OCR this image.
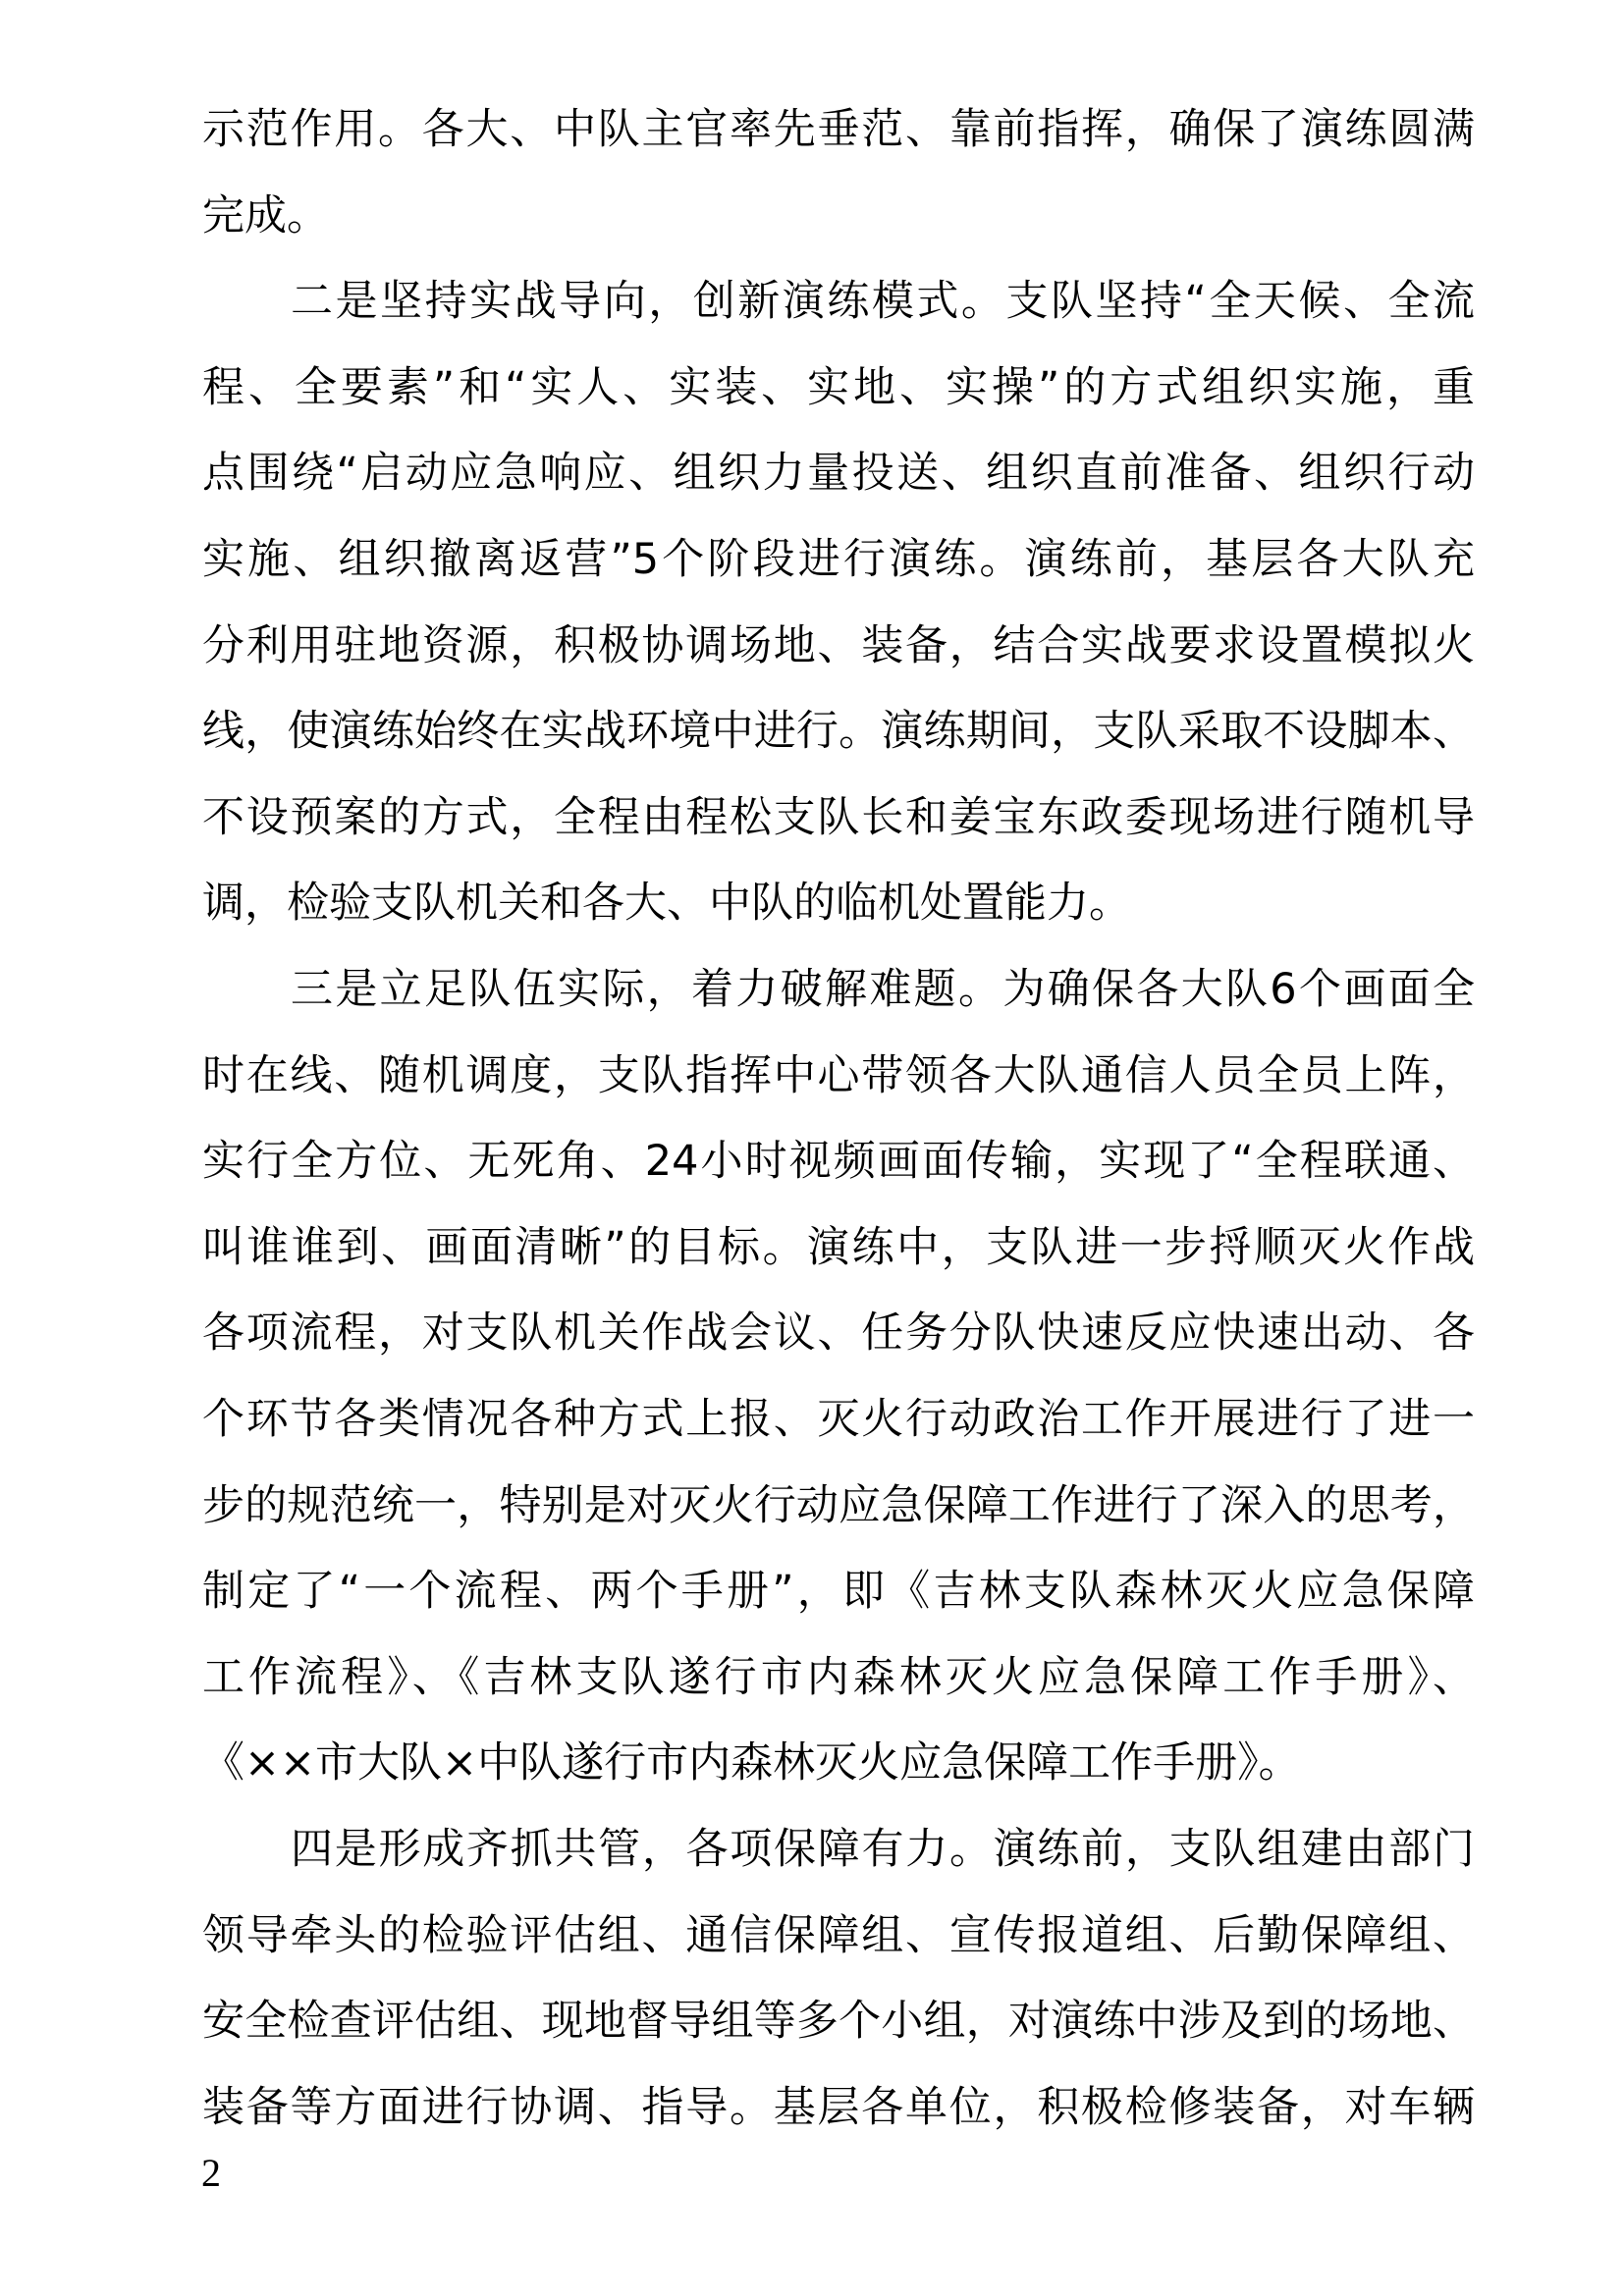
示范作用。各大、中队主官率先垂范、靠前指挥，确保了演练圆满
完成。
二是坚持实战导向，创新演练模式。支队坚持“全天候、全流
程、全要素”和“实人、实装、实地、实操”的方式组织实施，重
点围绕“启动应急响应、组织力量投送、组织直前准备、组织行动
实施、组织撤离返营”5个阶段进行演练。演练前，基层各大队充
分利用驻地资源，积极协调场地、装备，结合实战要求设置模拟火
线，使演练始终在实战环境中进行。演练期间，支队采取不设脚本、
不设预案的方式，全程由程松支队长和姜宝东政委现场进行随机导
调，检验支队机关和各大、中队的临机处置能力。
三是立足队伍实际，着力破解难题。为确保各大队6个画面全
时在线、随机调度，支队指挥中心带领各大队通信人员全员上阵，
实行全方位、无死角、24小时视频画面传输，实现了“全程联通、
叫谁谁到、画面清晰”的目标。演练中，支队进一步捋顺灭火作战
各项流程，对支队机关作战会议、任务分队快速反应快速出动、各
个环节各类情况各种方式上报、灭火行动政治工作开展进行了进一
步的规范统一，特别是对灭火行动应急保障工作进行了深入的思考，
制定了“一个流程、两个手册”，即《吉林支队森林灭火应急保障
工作流程》、《吉林支队遂行市内森林灭火应急保障工作手册》、
《××市大队×中队遂行市内森林灭火应急保障工作手册》。
四是形成齐抓共管，各项保障有力。演练前，支队组建由部门
领导牵头的检验评估组、通信保障组、宣传报道组、后勤保障组、
安全检查评估组、现地督导组等多个小组，对演练中涉及到的场地、
装备等方面进行协调、指导。基层各单位，积极检修装备，对车辆
2
